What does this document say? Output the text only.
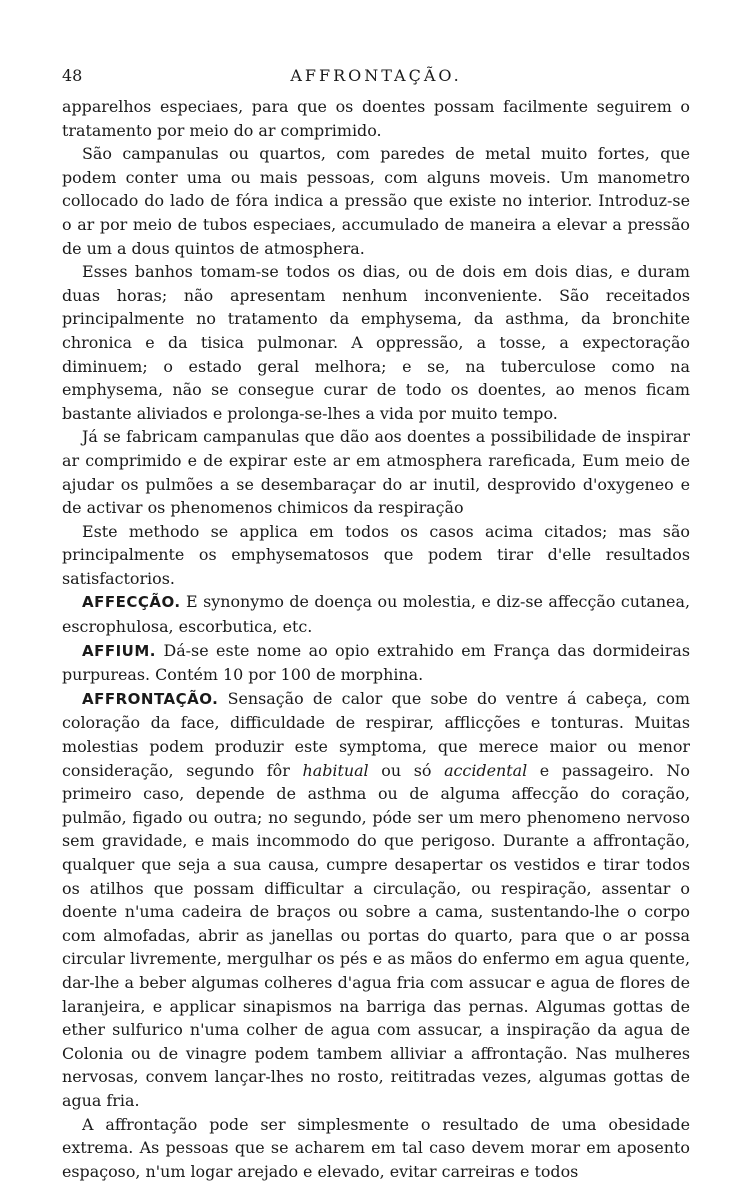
48	AFFRONTAÇÃO.

apparelhos especiaes, para que os doentes possam facilmente seguirem o tratamento por meio do ar comprimido.

São campanulas ou quartos, com paredes de metal muito fortes, que podem conter uma ou mais pessoas, com alguns moveis. Um manometro collocado do lado de fóra indica a pressão que existe no interior. Introduz-se o ar por meio de tubos especiaes, accumulado de maneira a elevar a pressão de um a dous quintos de atmosphera.

Esses banhos tomam-se todos os dias, ou de dois em dois dias, e duram duas horas; não apresentam nenhum inconveniente. São receitados principalmente no tratamento da emphysema, da asthma, da bronchite chronica e da tisica pulmonar. A oppressão, a tosse, a expectoração diminuem; o estado geral melhora; e se, na tuberculose como na emphysema, não se consegue curar de todo os doentes, ao menos ficam bastante aliviados e prolonga-se-lhes a vida por muito tempo.

Já se fabricam campanulas que dão aos doentes a possibilidade de inspirar ar comprimido e de expirar este ar em atmosphera rareficada, Eum meio de ajudar os pulmões a se desembaraçar do ar inutil, desprovido d'oxygeneo e de activar os phenomenos chimicos da respiração

Este methodo se applica em todos os casos acima citados; mas são principalmente os emphysematosos que podem tirar d'elle resultados satisfactorios.

AFFECÇÃO. E synonymo de doença ou molestia, e diz-se affecção cutanea, escrophulosa, escorbutica, etc.

AFFIUM. Dá-se este nome ao opio extrahido em França das dormideiras purpureas. Contém 10 por 100 de morphina.

AFFRONTAÇÃO. Sensação de calor que sobe do ventre á cabeça, com coloração da face, difficuldade de respirar, afflicções e tonturas. Muitas molestias podem produzir este symptoma, que merece maior ou menor consideração, segundo fôr habitual ou só accidental e passageiro. No primeiro caso, depende de asthma ou de alguma affecção do coração, pulmão, figado ou outra; no segundo, póde ser um mero phenomeno nervoso sem gravidade, e mais incommodo do que perigoso. Durante a affrontação, qualquer que seja a sua causa, cumpre desapertar os vestidos e tirar todos os atilhos que possam difficultar a circulação, ou respiração, assentar o doente n'uma cadeira de braços ou sobre a cama, sustentando-lhe o corpo com almofadas, abrir as janellas ou portas do quarto, para que o ar possa circular livremente, mergulhar os pés e as mãos do enfermo em agua quente, dar-lhe a beber algumas colheres d'agua fria com assucar e agua de flores de laranjeira, e applicar sinapismos na barriga das pernas. Algumas gottas de ether sulfurico n'uma colher de agua com assucar, a inspiração da agua de Colonia ou de vinagre podem tambem alliviar a affrontação. Nas mulheres nervosas, convem lançar-lhes no rosto, reititradas vezes, algumas gottas de agua fria.

A affrontação pode ser simplesmente o resultado de uma obesidade extrema. As pessoas que se acharem em tal caso devem morar em aposento espaçoso, n'um logar arejado e elevado, evitar carreiras e todos
